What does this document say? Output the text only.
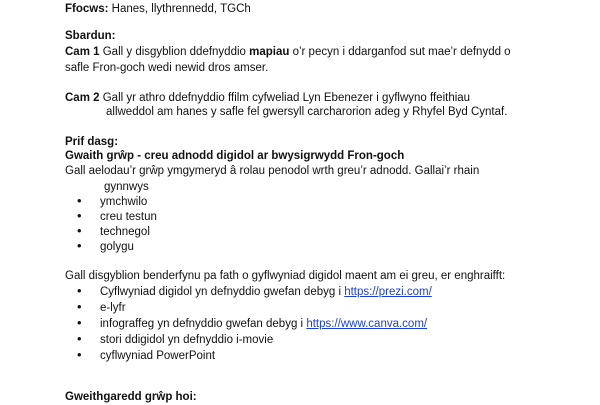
Ffocws: Hanes, llythrennedd, TGCh
Sbardun:
Cam 1 Gall y disgyblion ddefnyddio mapiau o’r pecyn i ddarganfod sut mae’r defnydd o
safle Fron-goch wedi newid dros amser.
Cam 2 Gall yr athro ddefnyddio ffilm cyfweliad Lyn Ebenezer i gyflwyno ffeithiau
allweddol am hanes y safle fel gwersyll carcharorion adeg y Rhyfel Byd Cyntaf.
Prif dasg:
Gwaith grŵp - creu adnodd digidol ar bwysigrwydd Fron-goch
Gall aelodau’r grŵp ymgymeryd â rolau penodol wrth greu’r adnodd. Gallai’r rhain
gynnwys
• ymchwilo
• creu testun
• technegol
• golygu
Gall disgyblion benderfynu pa fath o gyflwyniad digidol maent am ei greu, er enghraifft:
• Cyflwyniad digidol yn defnyddio gwefan debyg i https://prezi.com/
• e-lyfr
• infograffeg yn defnyddio gwefan debyg i https://www.canva.com/
• stori ddigidol yn defnyddio i-movie
• cyflwyniad PowerPoint
Gweithgaredd grŵp hoi:
